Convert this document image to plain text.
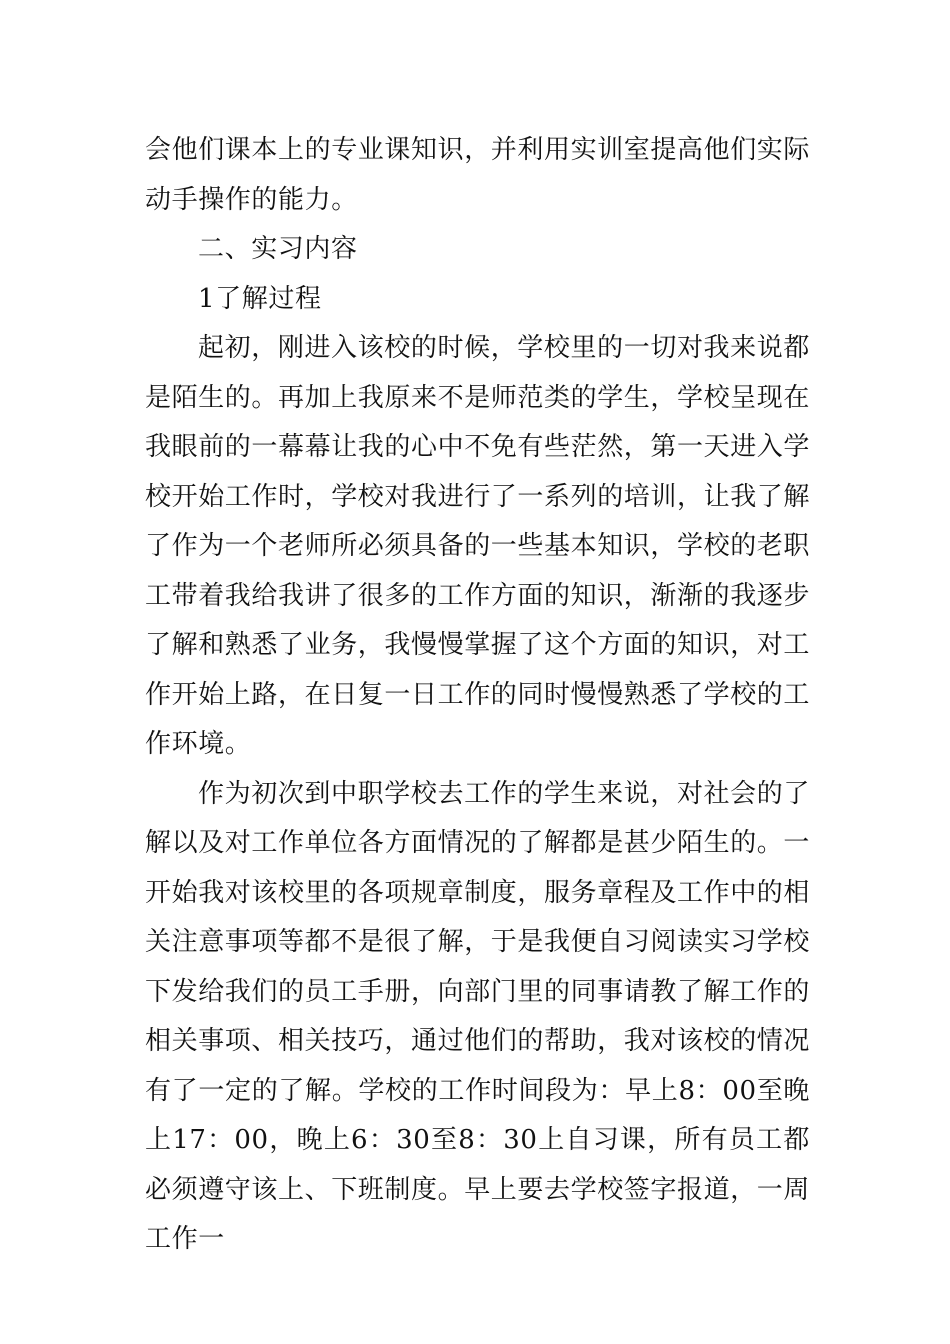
会他们课本上的专业课知识，并利用实训室提高他们实际动手操作的能力。

二、实习内容

1了解过程

起初，刚进入该校的时候，学校里的一切对我来说都是陌生的。再加上我原来不是师范类的学生，学校呈现在我眼前的一幕幕让我的心中不免有些茫然，第一天进入学校开始工作时，学校对我进行了一系列的培训，让我了解了作为一个老师所必须具备的一些基本知识，学校的老职工带着我给我讲了很多的工作方面的知识，渐渐的我逐步了解和熟悉了业务，我慢慢掌握了这个方面的知识，对工作开始上路，在日复一日工作的同时慢慢熟悉了学校的工作环境。

作为初次到中职学校去工作的学生来说，对社会的了解以及对工作单位各方面情况的了解都是甚少陌生的。一开始我对该校里的各项规章制度，服务章程及工作中的相关注意事项等都不是很了解，于是我便自习阅读实习学校下发给我们的员工手册，向部门里的同事请教了解工作的相关事项、相关技巧，通过他们的帮助，我对该校的情况有了一定的了解。学校的工作时间段为：早上8：00至晚上17：00，晚上6：30至8：30上自习课，所有员工都必须遵守该上、下班制度。早上要去学校签字报道，一周工作一
